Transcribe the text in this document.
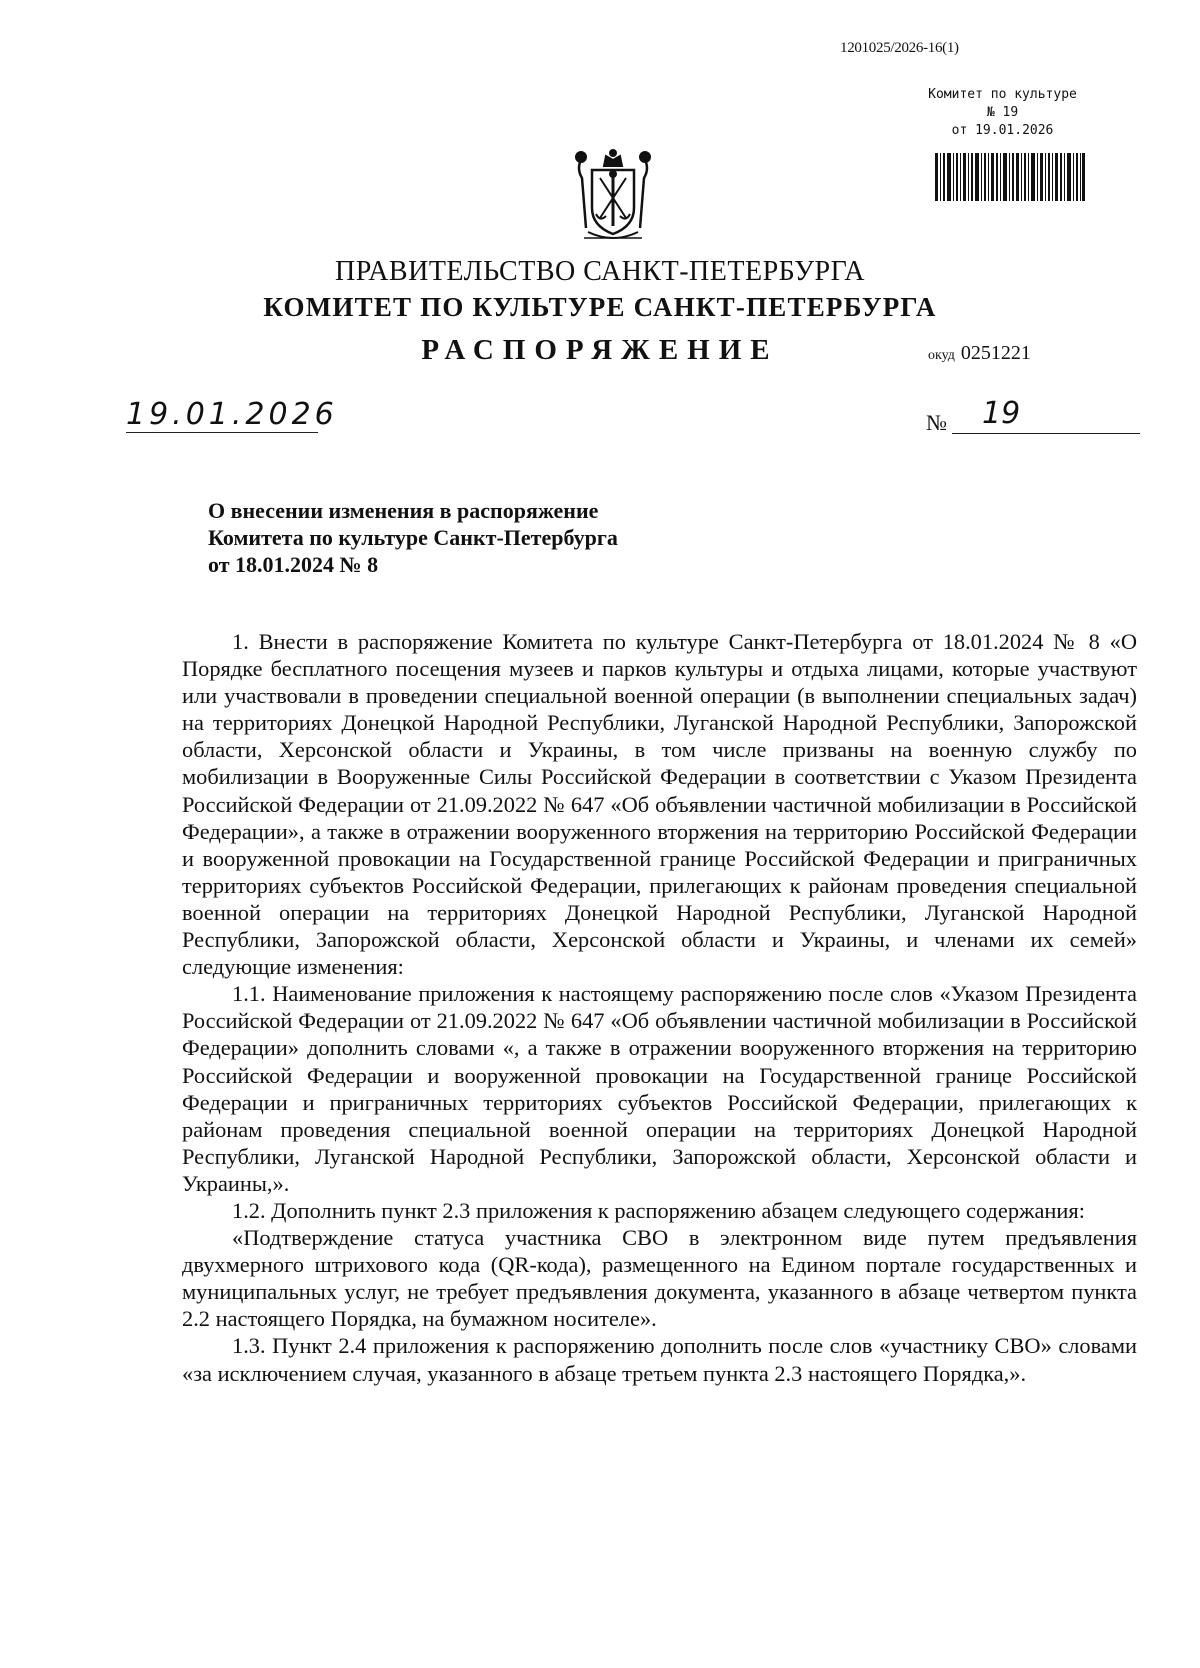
1201025/2026-16(1)
Комитет по культуре
№ 19
от 19.01.2026
ПРАВИТЕЛЬСТВО САНКТ-ПЕТЕРБУРГА
КОМИТЕТ ПО КУЛЬТУРЕ САНКТ-ПЕТЕРБУРГА
РАСПОРЯЖЕНИЕ	окуд 0251221
19.01.2026	№ 19
О внесении изменения в распоряжение
Комитета по культуре Санкт-Петербурга
от 18.01.2024 № 8

1. Внести в распоряжение Комитета по культуре Санкт-Петербурга от 18.01.2024 № 8 «О Порядке бесплатного посещения музеев и парков культуры и отдыха лицами, которые участвуют или участвовали в проведении специальной военной операции (в выполнении специальных задач) на территориях Донецкой Народной Республики, Луганской Народной Республики, Запорожской области, Херсонской области и Украины, в том числе призваны на военную службу по мобилизации в Вооруженные Силы Российской Федерации в соответствии с Указом Президента Российской Федерации от 21.09.2022 № 647 «Об объявлении частичной мобилизации в Российской Федерации», а также в отражении вооруженного вторжения на территорию Российской Федерации и вооруженной провокации на Государственной границе Российской Федерации и приграничных территориях субъектов Российской Федерации, прилегающих к районам проведения специальной военной операции на территориях Донецкой Народной Республики, Луганской Народной Республики, Запорожской области, Херсонской области и Украины, и членами их семей» следующие изменения:

1.1. Наименование приложения к настоящему распоряжению после слов «Указом Президента Российской Федерации от 21.09.2022 № 647 «Об объявлении частичной мобилизации в Российской Федерации» дополнить словами «, а также в отражении вооруженного вторжения на территорию Российской Федерации и вооруженной провокации на Государственной границе Российской Федерации и приграничных территориях субъектов Российской Федерации, прилегающих к районам проведения специальной военной операции на территориях Донецкой Народной Республики, Луганской Народной Республики, Запорожской области, Херсонской области и Украины,».

1.2. Дополнить пункт 2.3 приложения к распоряжению абзацем следующего содержания:

«Подтверждение статуса участника СВО в электронном виде путем предъявления двухмерного штрихового кода (QR-кода), размещенного на Едином портале государственных и муниципальных услуг, не требует предъявления документа, указанного в абзаце четвертом пункта 2.2 настоящего Порядка, на бумажном носителе».

1.3. Пункт 2.4 приложения к распоряжению дополнить после слов «участнику СВО» словами «за исключением случая, указанного в абзаце третьем пункта 2.3 настоящего Порядка,».
